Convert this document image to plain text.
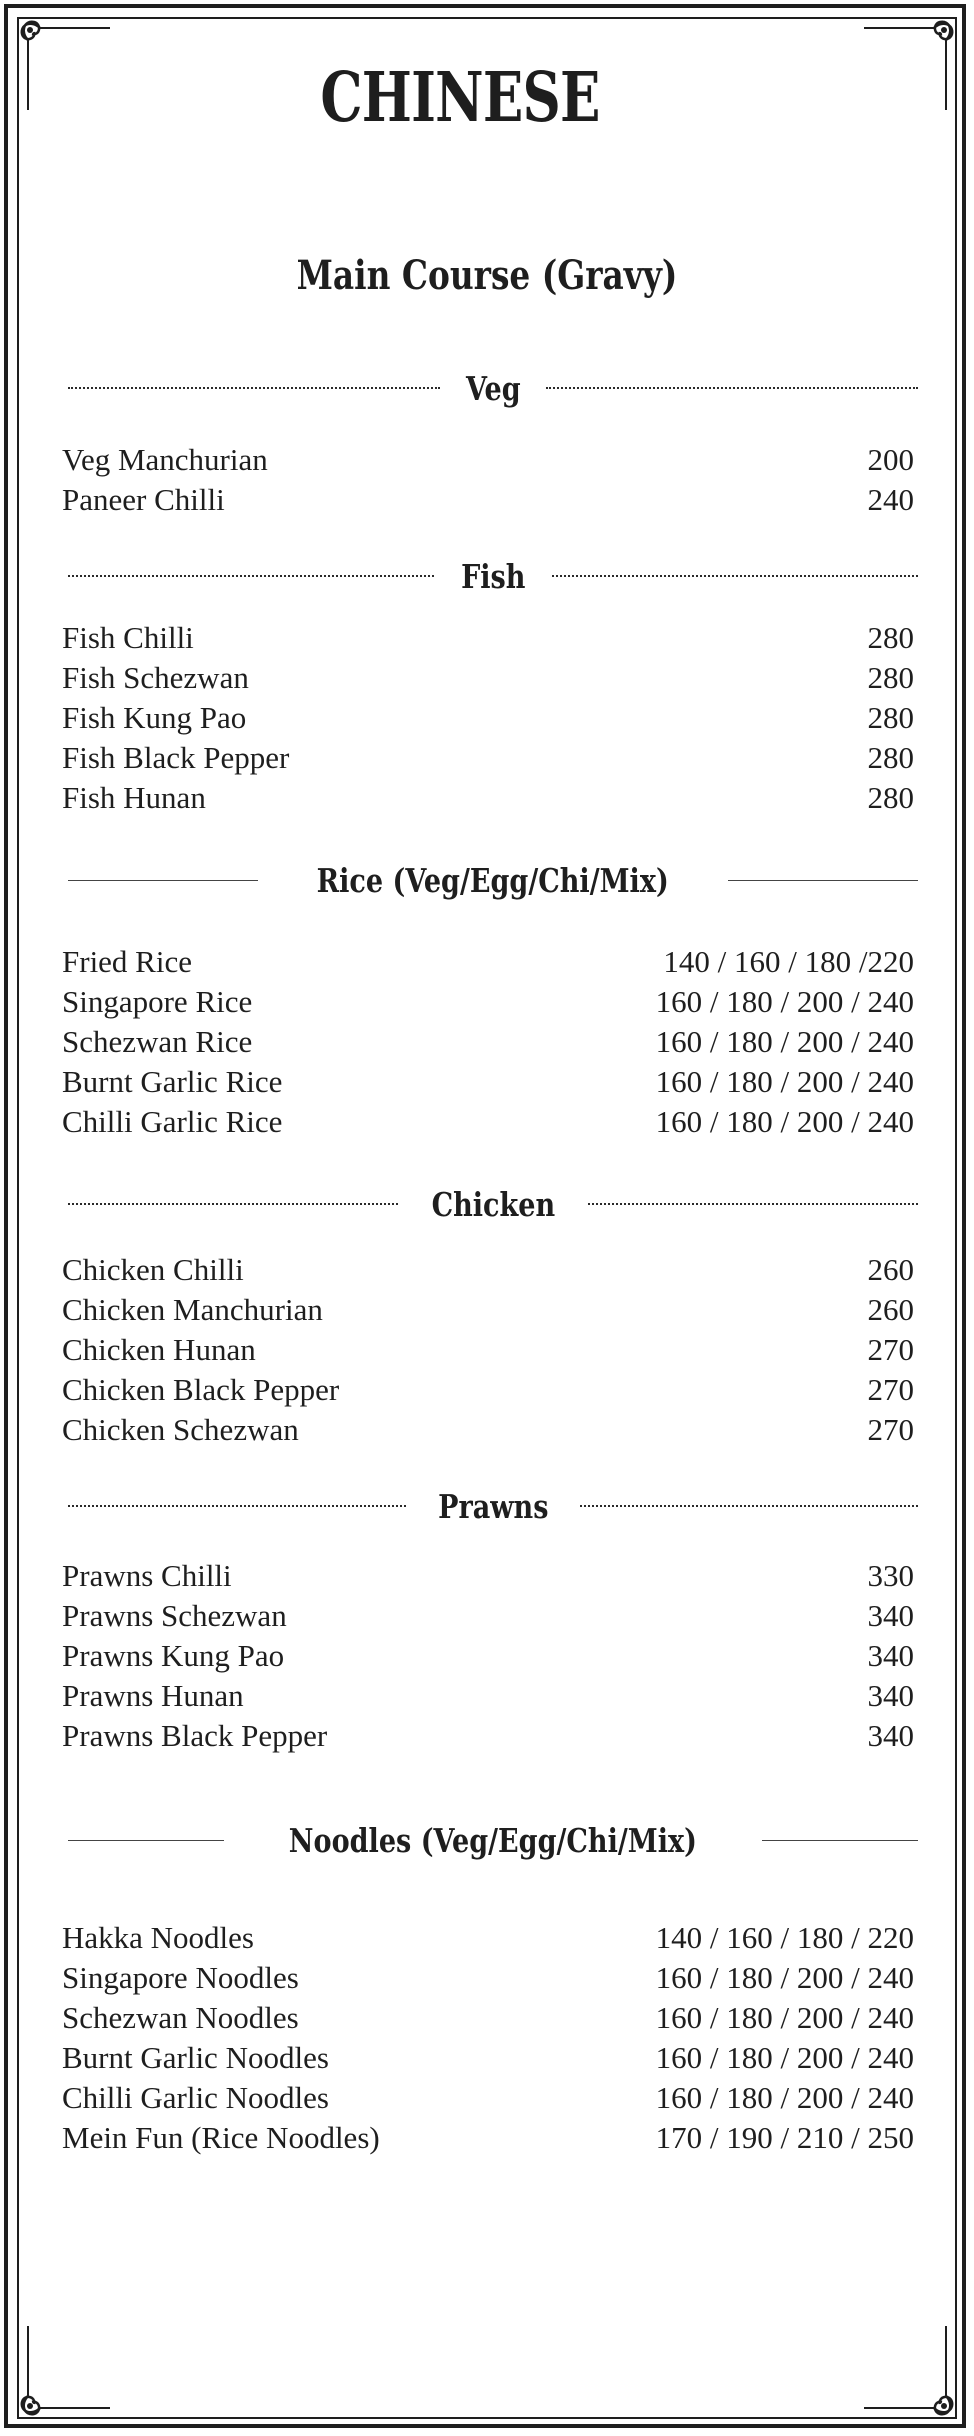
CHINESE
Main Course (Gravy)
Veg
Veg Manchurian	200
Paneer Chilli	240
Fish
Fish Chilli	280
Fish Schezwan	280
Fish Kung Pao	280
Fish Black Pepper	280
Fish Hunan	280
Rice (Veg/Egg/Chi/Mix)
Fried Rice	140 / 160 / 180 /220
Singapore Rice	160 / 180 / 200 / 240
Schezwan Rice	160 / 180 / 200 / 240
Burnt Garlic Rice	160 / 180 / 200 / 240
Chilli Garlic Rice	160 / 180 / 200 / 240
Chicken
Chicken Chilli	260
Chicken Manchurian	260
Chicken Hunan	270
Chicken Black Pepper	270
Chicken Schezwan	270
Prawns
Prawns Chilli	330
Prawns Schezwan	340
Prawns Kung Pao	340
Prawns Hunan	340
Prawns Black Pepper	340
Noodles (Veg/Egg/Chi/Mix)
Hakka Noodles	140 / 160 / 180 / 220
Singapore Noodles	160 / 180 / 200 / 240
Schezwan Noodles	160 / 180 / 200 / 240
Burnt Garlic Noodles	160 / 180 / 200 / 240
Chilli Garlic Noodles	160 / 180 / 200 / 240
Mein Fun (Rice Noodles)	170 / 190 / 210 / 250
